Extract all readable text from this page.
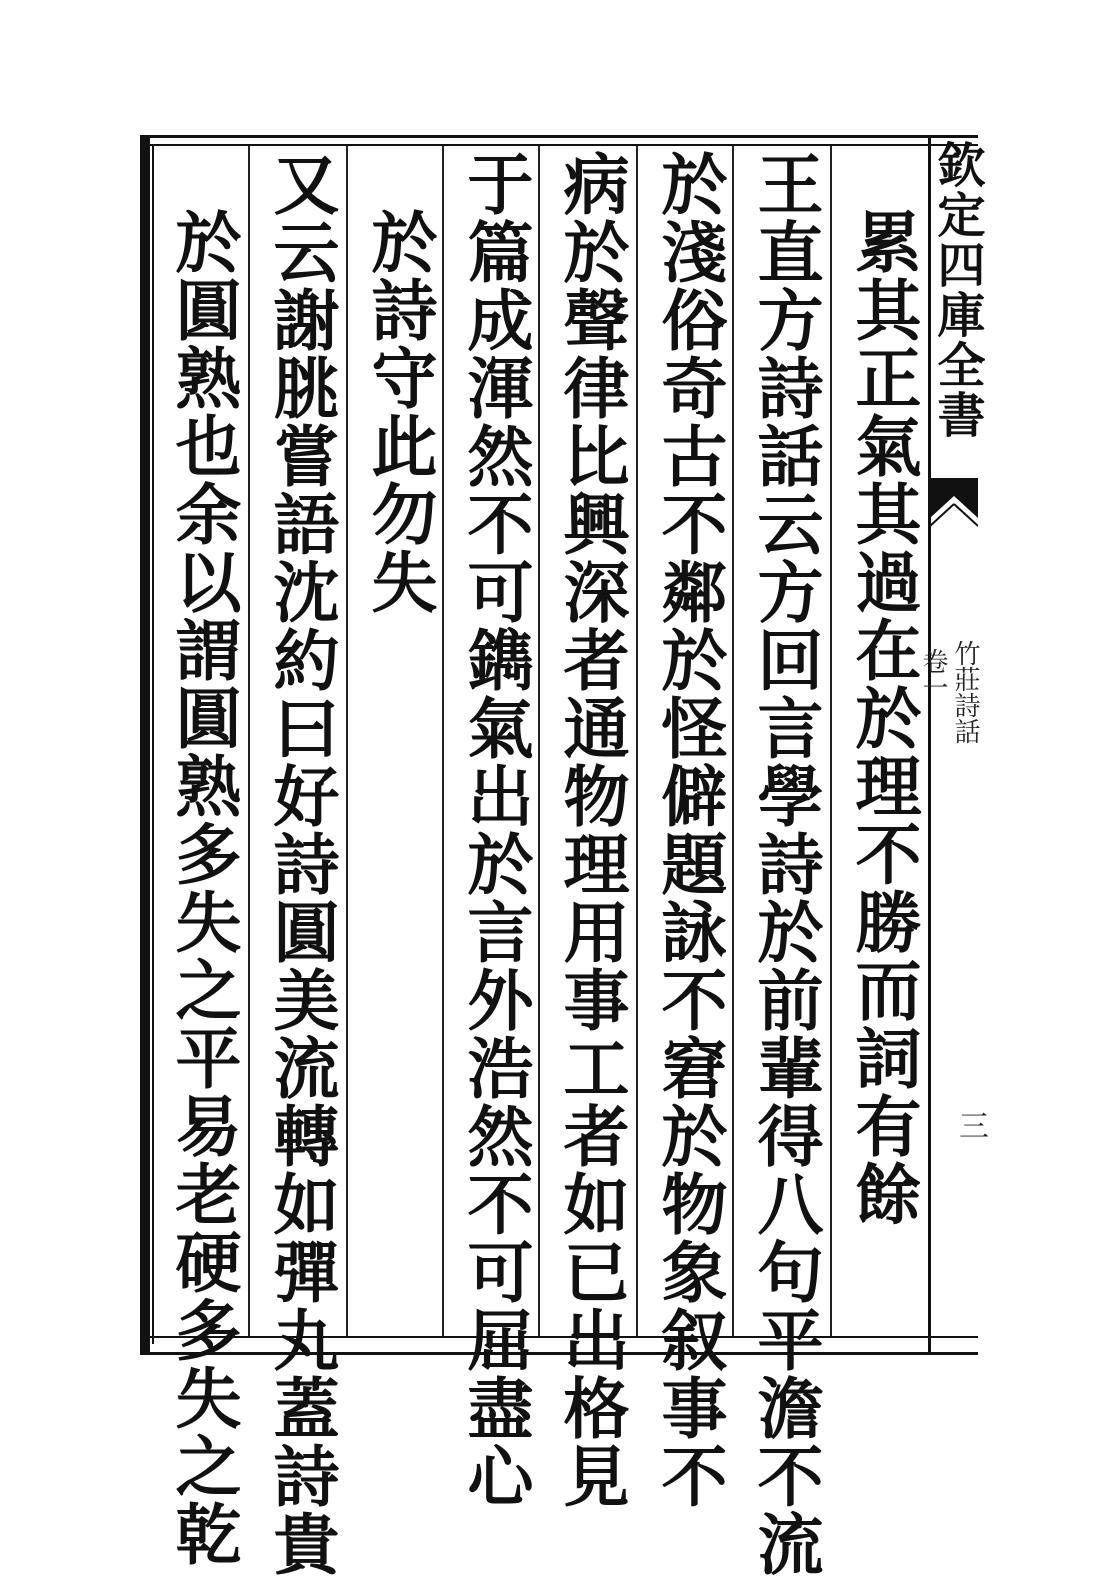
欽定四庫全書
竹莊詩話
卷一
三
累其正氣其過在於理不勝而詞有餘
王直方詩話云方回言學詩於前輩得八句平澹不流
於淺俗奇古不鄰於怪僻題詠不窘於物象叙事不
病於聲律比興深者通物理用事工者如已出格見
于篇成渾然不可鐫氣出於言外浩然不可屈盡心
於詩守此勿失
又云謝朓嘗語沈約曰好詩圓美流轉如彈丸蓋詩貴
於圓熟也余以謂圓熟多失之平易老硬多失之乾
